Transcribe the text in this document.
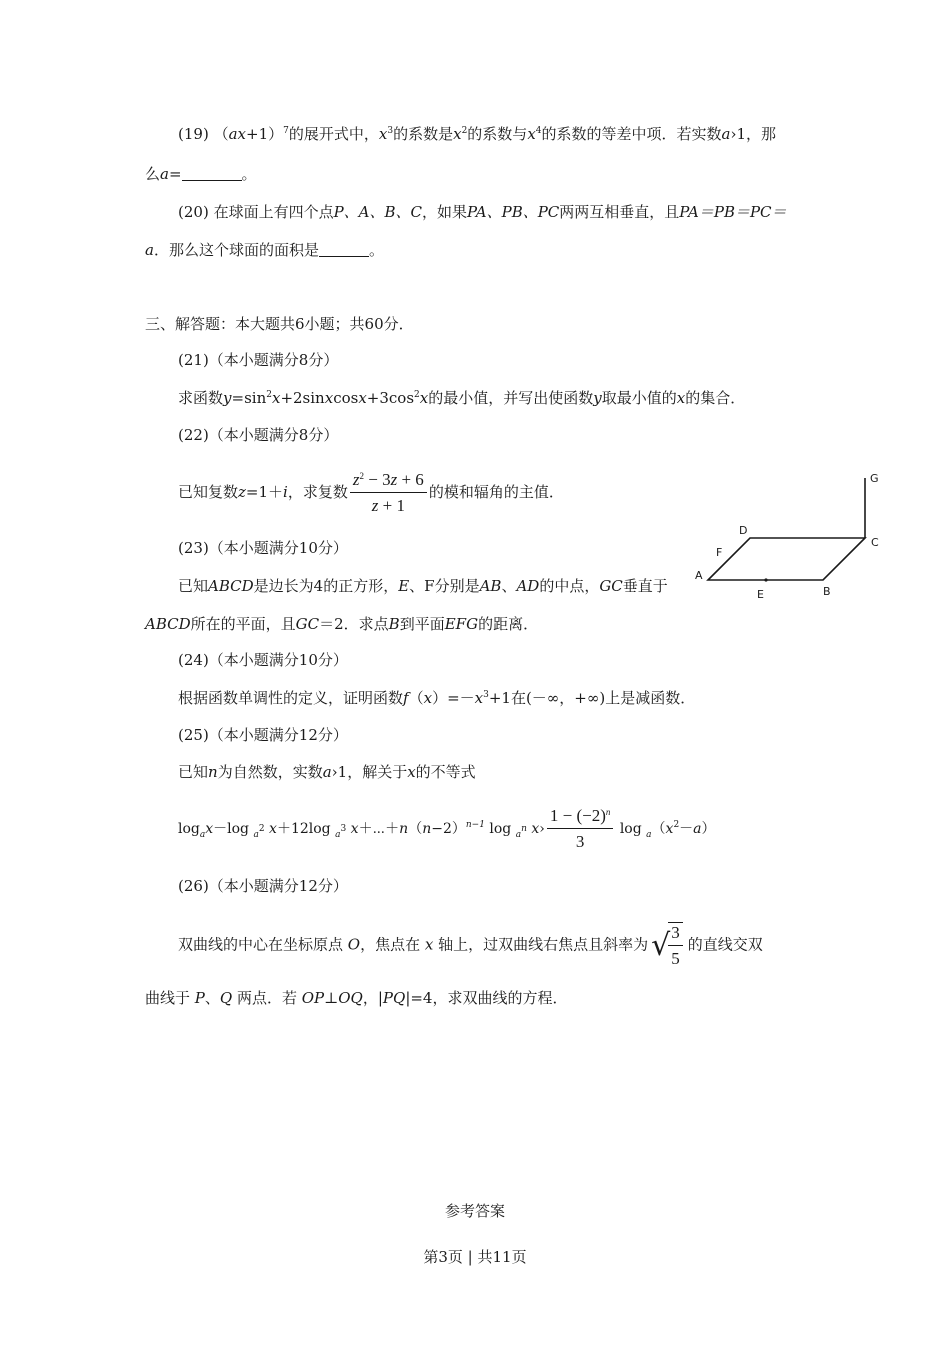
(19) $(ax+1)^7$的展开式中，$x^3$的系数是$x^2$的系数与$x^4$的系数的等差中项．若实数a›1，那
么a=	。
(20) 在球面上有四个点P、A、B、C，如果PA、PB、PC两两互相垂直，且PA＝PB＝PC＝
a．那么这个球面的面积是	。
三、解答题：本大题共6小题；共60分．
(21)（本小题满分8分）
求函数$y=\sin^2x+2sinxcosx+3\cos^2x$的最小值，并写出使函数y取最小值的x的集合．
(22)（本小题满分8分）
已知复数z=1＋i，求复数 $\frac{z^2 - 3z + 6}{z + 1}$ 的模和辐角的主值．
(23)（本小题满分10分）
已知ABCD是边长为4的正方形，E、F分别是AB、AD的中点，GC垂直于
ABCD所在的平面，且GC＝2．求点B到平面EFG的距离．
G
D
C
F
A
E	B
(24)（本小题满分10分）
根据函数单调性的定义，证明函数$f(x)=-x^3+1$在(－∞，+∞)上是减函数．
(25)（本小题满分12分）
已知n为自然数，实数a›1，解关于x的不等式
$\log_ax-\log$ $_{a^2}$ x＋12log $_{a^3}$ $x+\cdots+n(n-2)^{n-1}$ log $_{a^n}$ x› $\frac{1 - (-2)^n}{3}$ $\log _a(x^2-a)$
(26)（本小题满分12分）
双曲线的中心在坐标原点 O，焦点在 x 轴上，过双曲线右焦点且斜率为 √
$\frac{3}{5}$ 的直线交双
曲线于 P、Q 两点．若 OP⊥OQ，|PQ|=4，求双曲线的方程．
参考答案
第3页 | 共11页
